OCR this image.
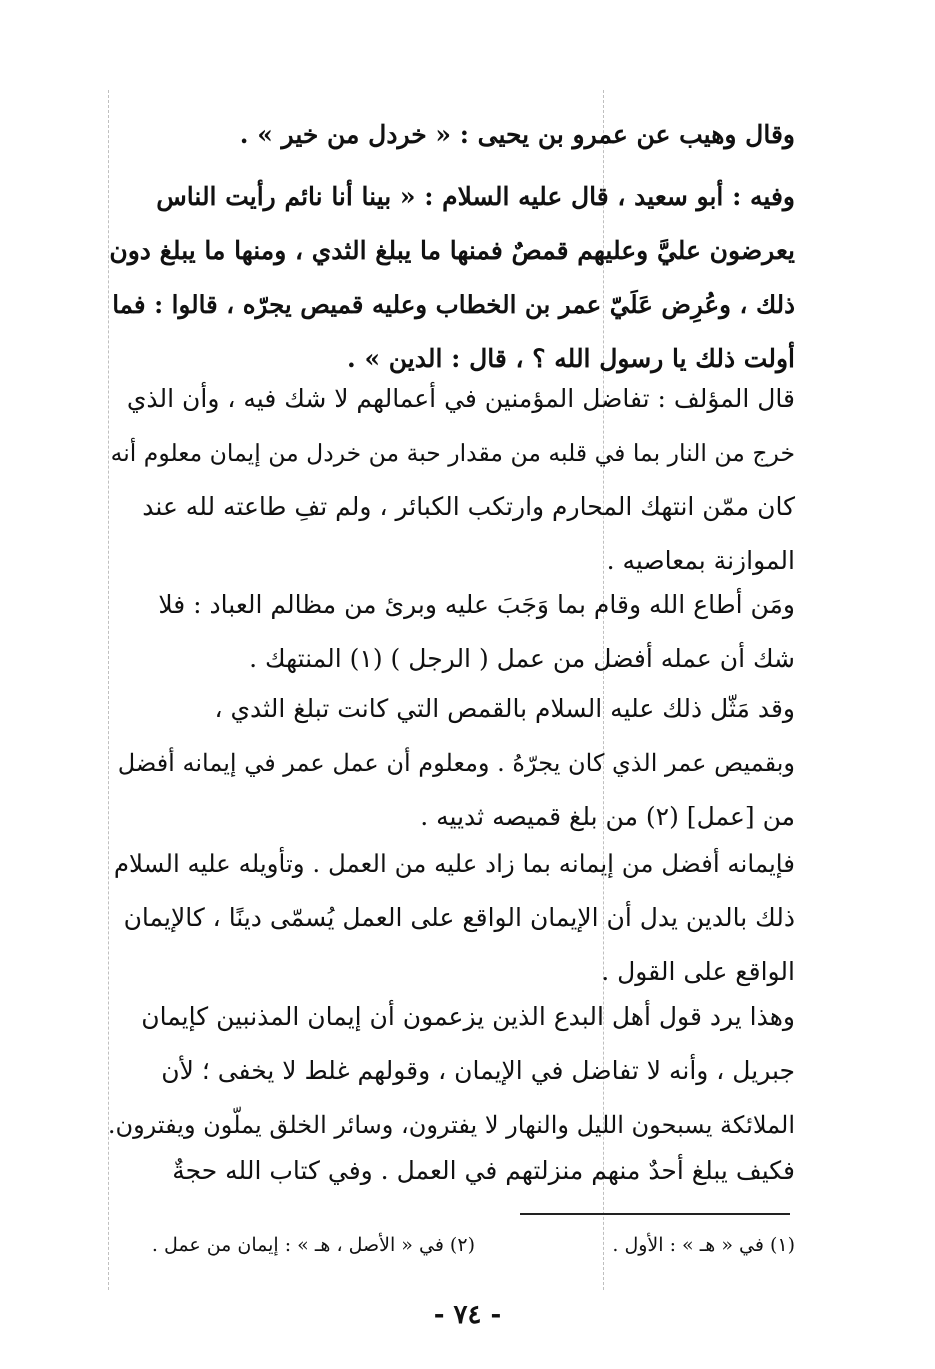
وقال وهيب عن عمرو بن يحيى : « خردل من خير » .
وفيه : أبو سعيد ، قال عليه السلام : « بينا أنا نائم رأيت الناس
يعرضون عليَّ وعليهم قمصٌ فمنها ما يبلغ الثدي ، ومنها ما يبلغ دون
ذلك ، وعُرِض عَلَيّ عمر بن الخطاب وعليه قميص يجرّه ، قالوا : فما
أولت ذلك يا رسول الله ؟ ، قال : الدين » .
قال المؤلف : تفاضل المؤمنين في أعمالهم لا شك فيه ، وأن الذي
خرج من النار بما في قلبه من مقدار حبة من خردل من إيمان معلوم أنه
كان ممّن انتهك المحارم وارتكب الكبائر ، ولم تفِ طاعته لله عند
الموازنة بمعاصيه .
ومَن أطاع الله وقام بما وَجَبَ عليه وبرئ من مظالم العباد : فلا
شك أن عمله أفضل من عمل ( الرجل ) (١) المنتهك .
وقد مَثّل ذلك عليه السلام بالقمص التي كانت تبلغ الثدي ،
وبقميص عمر الذي كان يجرّهُ . ومعلوم أن عمل عمر في إيمانه أفضل
من [عمل] (٢) من بلغ قميصه ثدييه .
فإيمانه أفضل من إيمانه بما زاد عليه من العمل . وتأويله عليه السلام
ذلك بالدين يدل أن الإيمان الواقع على العمل يُسمّى دينًا ، كالإيمان
الواقع على القول .
وهذا يرد قول أهل البدع الذين يزعمون أن إيمان المذنبين كإيمان
جبريل ، وأنه لا تفاضل في الإيمان ، وقولهم غلط لا يخفى ؛ لأن
الملائكة يسبحون الليل والنهار لا يفترون، وسائر الخلق يملّون ويفترون.
فكيف يبلغ أحدٌ منهم منزلتهم في العمل . وفي كتاب الله حجةٌ
(١) في « هـ » : الأول .
(٢) في « الأصل ، هـ » : إيمان من عمل .
- ٧٤ -
